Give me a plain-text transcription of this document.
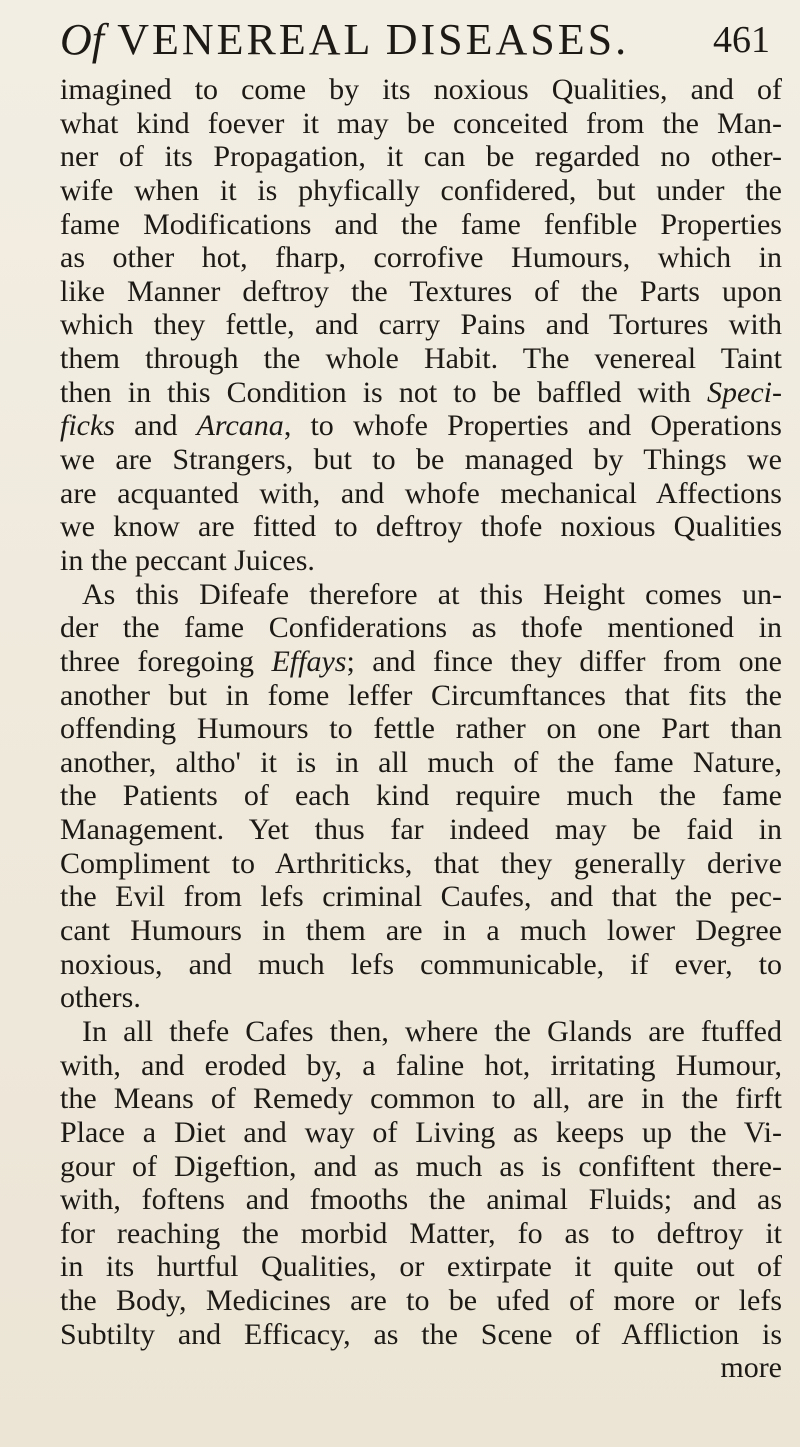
Of VENEREAL DISEASES. 461
imagined to come by its noxious Qualities, and of
what kind foever it may be conceited from the Man-
ner of its Propagation, it can be regarded no other-
wife when it is phyfically confidered, but under the
fame Modifications and the fame fenfible Properties
as other hot, fharp, corrofive Humours, which in
like Manner deftroy the Textures of the Parts upon
which they fettle, and carry Pains and Tortures with
them through the whole Habit. The venereal Taint
then in this Condition is not to be baffled with Speci-
ficks and Arcana, to whofe Properties and Operations
we are Strangers, but to be managed by Things we
are acquanted with, and whofe mechanical Affections
we know are fitted to deftroy thofe noxious Qualities
in the peccant Juices.
As this Difeafe therefore at this Height comes un-
der the fame Confiderations as thofe mentioned in
three foregoing Effays; and fince they differ from one
another but in fome leffer Circumftances that fits the
offending Humours to fettle rather on one Part than
another, altho' it is in all much of the fame Nature,
the Patients of each kind require much the fame
Management. Yet thus far indeed may be faid in
Compliment to Arthriticks, that they generally derive
the Evil from lefs criminal Caufes, and that the pec-
cant Humours in them are in a much lower Degree
noxious, and much lefs communicable, if ever, to
others.
In all thefe Cafes then, where the Glands are ftuffed
with, and eroded by, a faline hot, irritating Humour,
the Means of Remedy common to all, are in the firft
Place a Diet and way of Living as keeps up the Vi-
gour of Digeftion, and as much as is confiftent there-
with, foftens and fmooths the animal Fluids; and as
for reaching the morbid Matter, fo as to deftroy it
in its hurtful Qualities, or extirpate it quite out of
the Body, Medicines are to be ufed of more or lefs
Subtilty and Efficacy, as the Scene of Affliction is
more
